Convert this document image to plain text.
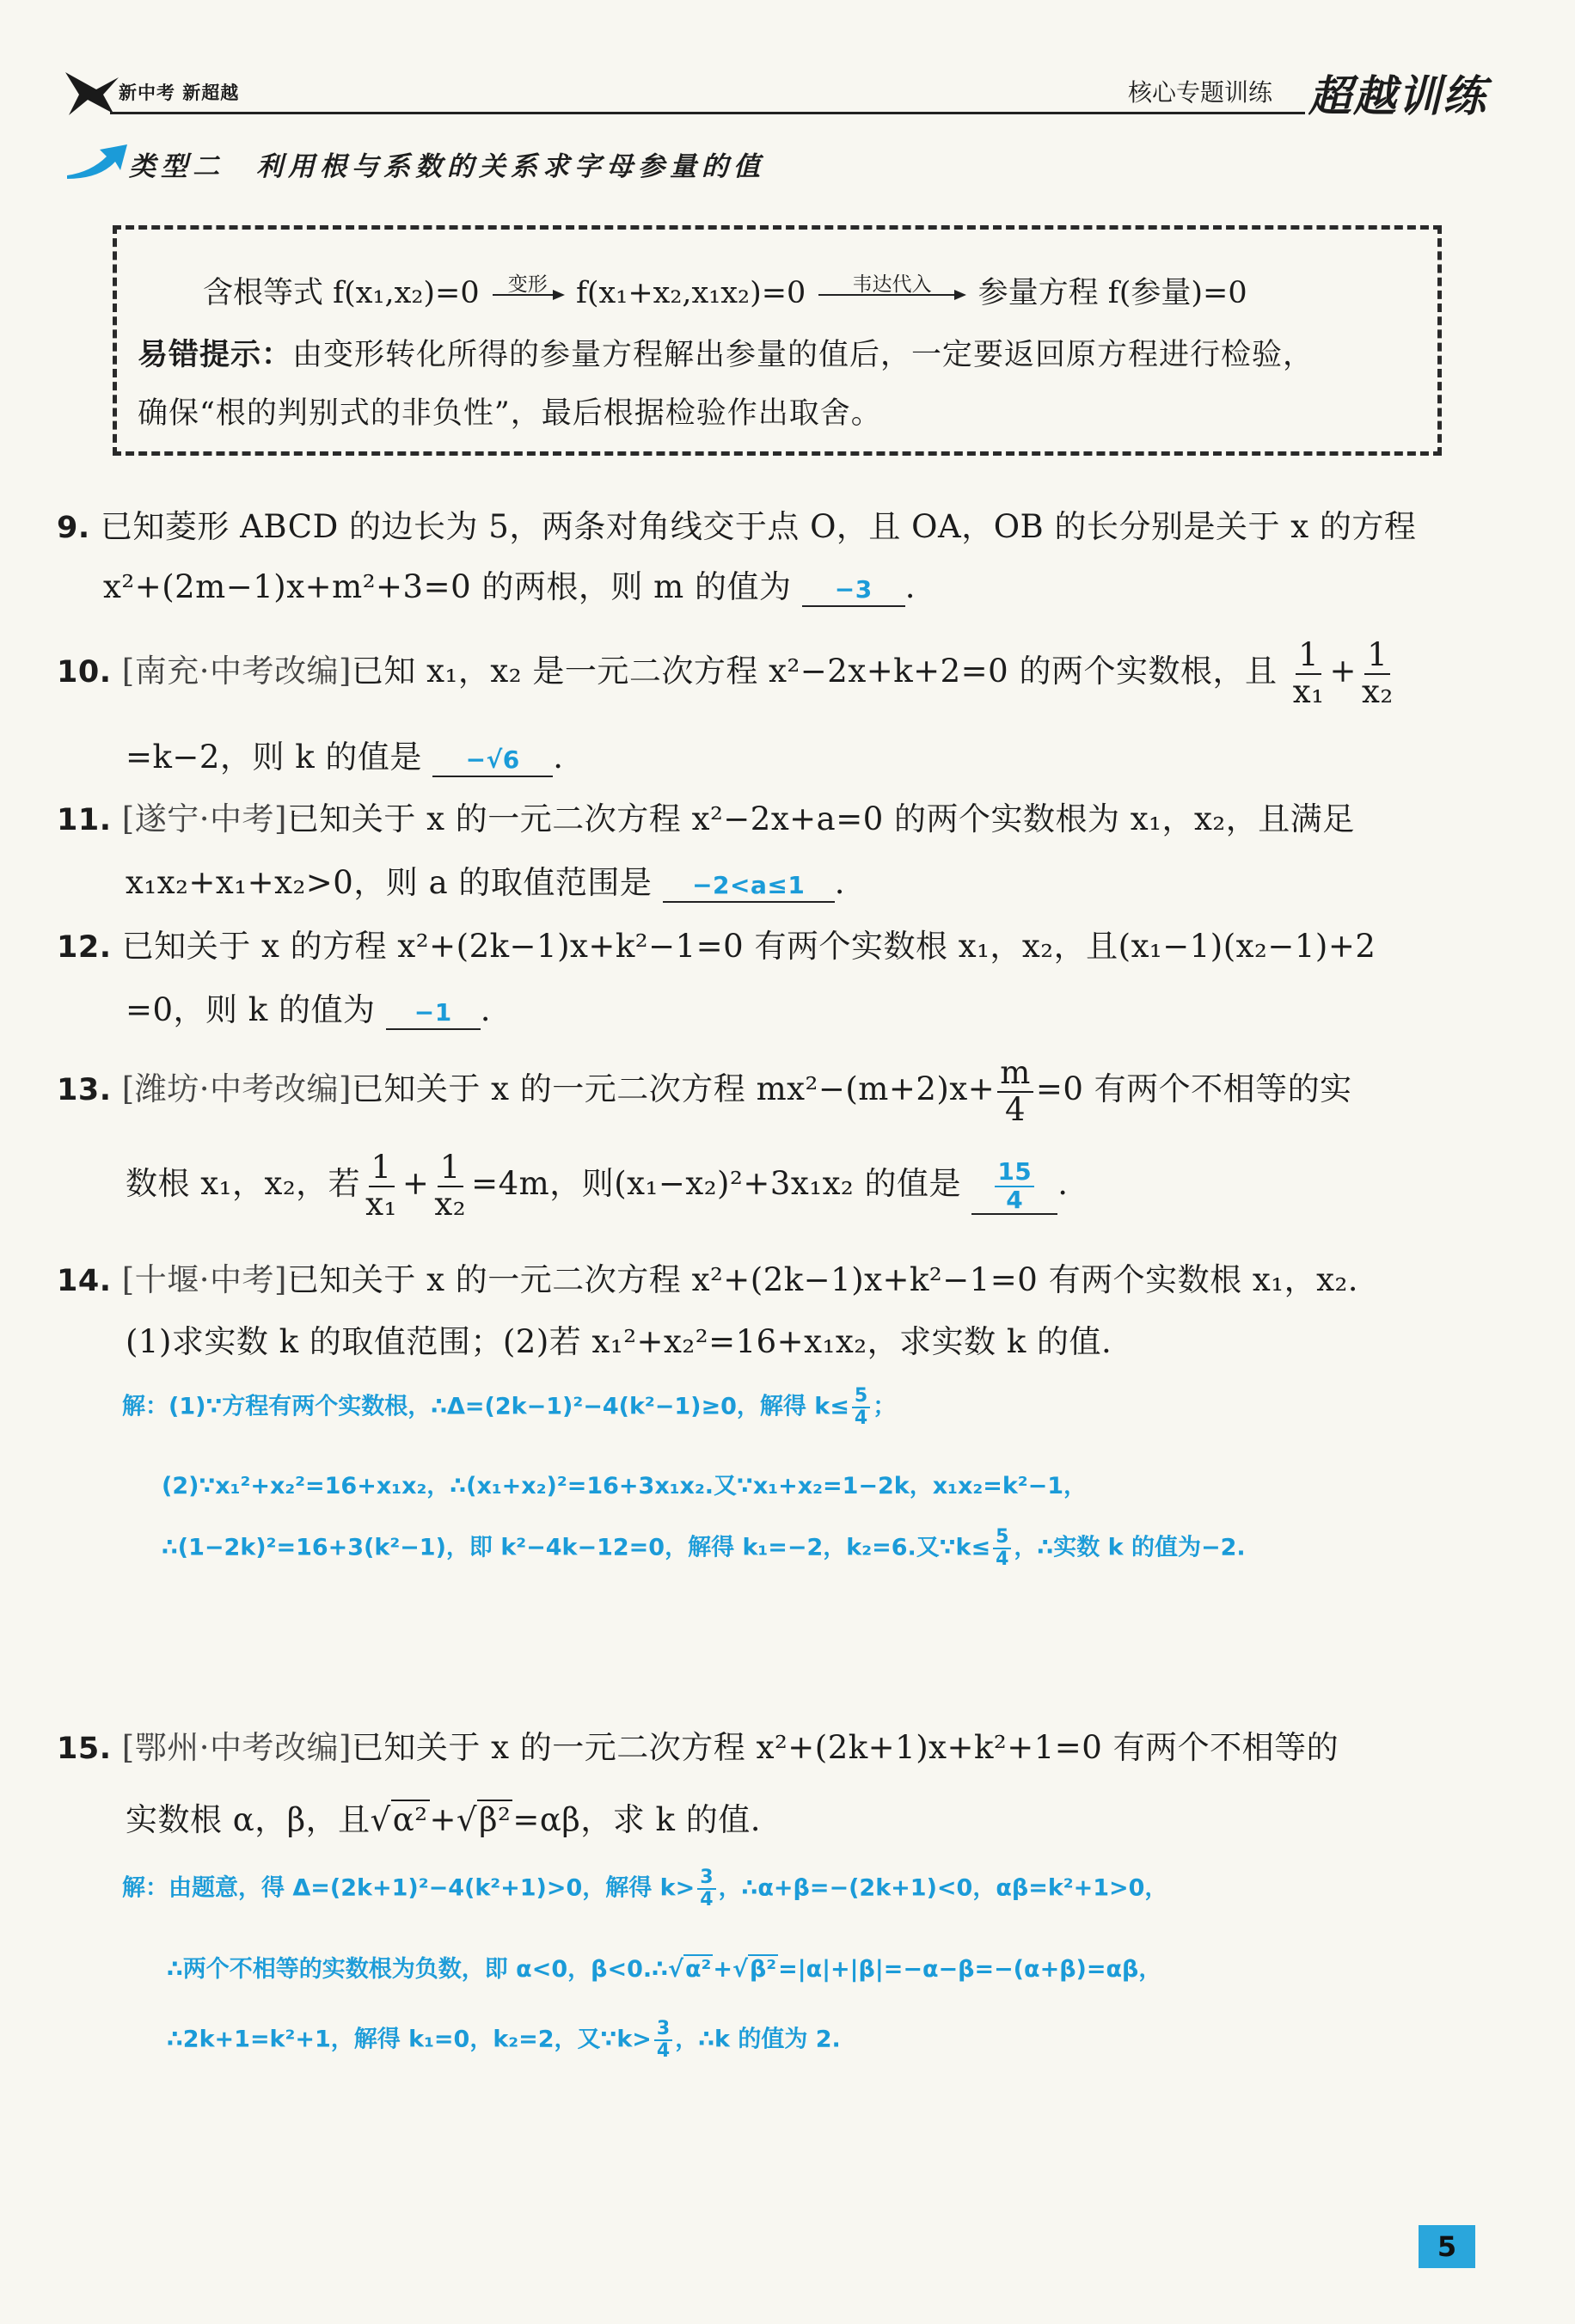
新中考 新超越	核心专题训练 超越训练
类型二　利用根与系数的关系求字母参量的值
含根等式 f(x₁,x₂)=0	变形 f(x₁+x₂,x₁x₂)=0	韦达代入	参量方程 f(参量)=0
易错提示：由变形转化所得的参量方程解出参量的值后，一定要返回原方程进行检验，
确保“根的判别式的非负性”，最后根据检验作出取舍。
9. 已知菱形 ABCD 的边长为 5，两条对角线交于点 O，且 OA，OB 的长分别是关于 x 的方程
x²+(2m−1)x+m²+3=0 的两根，则 m 的值为 −3 .
10. [南充·中考改编]已知 x₁，x₂ 是一元二次方程 x²−2x+k+2=0 的两个实数根，且 $\frac{1}{\text{x₁}} + \frac{1}{\text{x₂}}$
=k−2，则 k 的值是 −√6 .
11. [遂宁·中考]已知关于 x 的一元二次方程 x²−2x+a=0 的两个实数根为 x₁，x₂，且满足
x₁x₂+x₁+x₂>0，则 a 的取值范围是 −2<a≤1 .
12. 已知关于 x 的方程 x²+(2k−1)x+k²−1=0 有两个实数根 x₁，x₂，且(x₁−1)(x₂−1)+2
=0，则 k 的值为 −1 .
13. [潍坊·中考改编]已知关于 x 的一元二次方程 $mx^2-(m+2)x+ \frac{m}{4} =0$ 有两个不相等的实
数根 x₁，x₂，若 $\frac{1}{\text{x₁}} + \frac{1}{\text{x₂}} =4m$，则(x₁−x₂)²+3x₁x₂ 的值是 $\frac{15}{4}$ .
14. [十堰·中考]已知关于 x 的一元二次方程 x²+(2k−1)x+k²−1=0 有两个实数根 x₁，x₂.
(1)求实数 k 的取值范围；(2)若 x₁²+x₂²=16+x₁x₂，求实数 k 的值.
解：(1)∵方程有两个实数根，∴Δ=(2k−1)²−4(k²−1)≥0，解得 $k\le \frac{5}{4}$ ；
(2)∵x₁²+x₂²=16+x₁x₂，∴(x₁+x₂)²=16+3x₁x₂.又∵x₁+x₂=1−2k，x₁x₂=k²−1，
∴(1−2k)²=16+3(k²−1)，即 k²−4k−12=0，解得 k₁=−2，k₂=6.又∵k≤ $\frac{5}{4}$ ，∴实数 k 的值为−2.
15. [鄂州·中考改编]已知关于 x 的一元二次方程 x²+(2k+1)x+k²+1=0 有两个不相等的
实数根 α，β，且√α²+√β²=αβ，求 k 的值.
解：由题意，得 Δ=(2k+1)²−4(k²+1)>0，解得 $k> \frac{3}{4}$ ，∴α+β=−(2k+1)<0，αβ=k²+1>0，
∴两个不相等的实数根为负数，即 α<0，β<0.∴√α²+√β²=|α|+|β|=−α−β=−(α+β)=αβ，
∴2k+1=k²+1，解得 k₁=0，k₂=2，又∵k> $\frac{3}{4}$ ，∴k 的值为 2.
5
